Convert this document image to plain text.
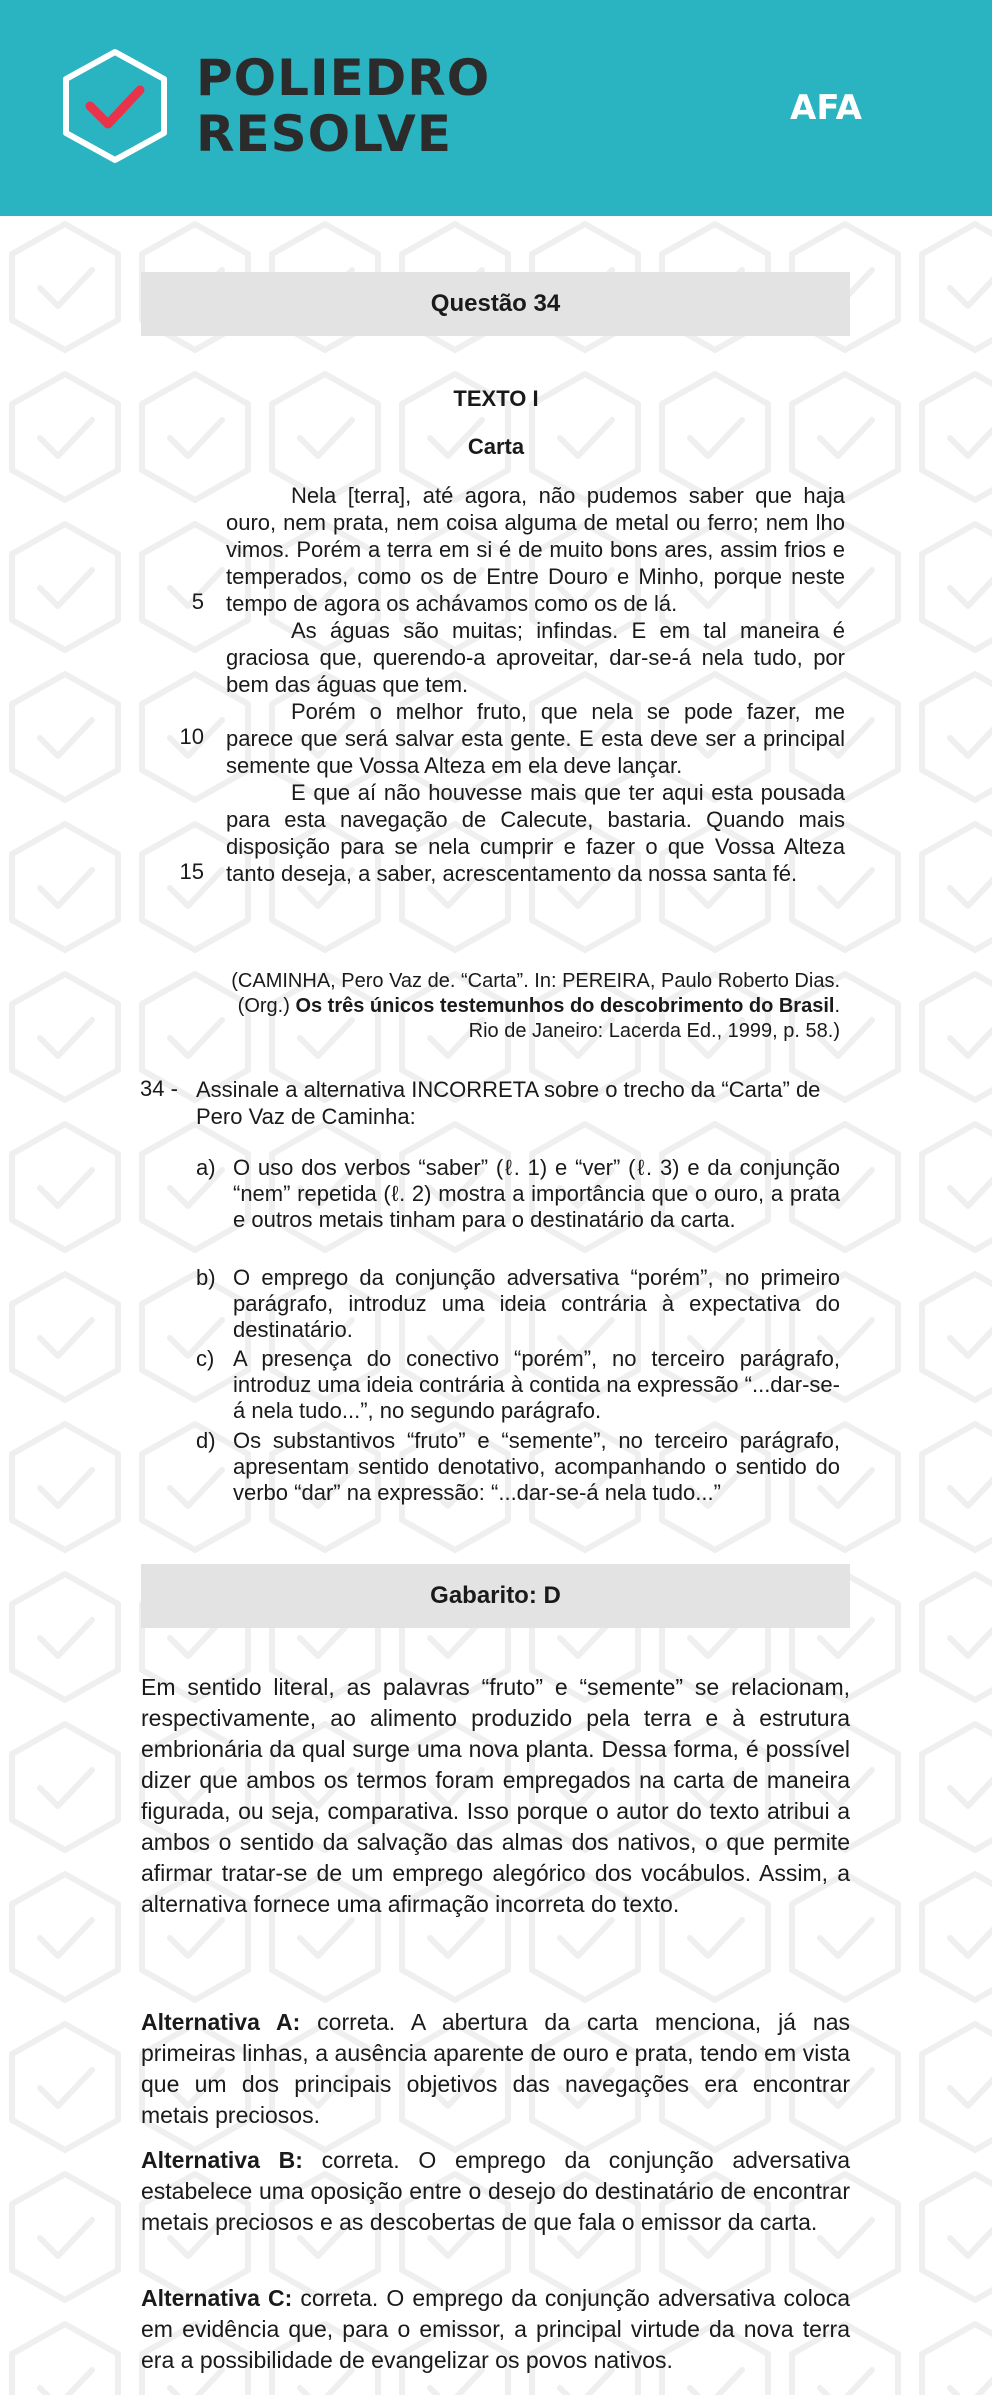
POLIEDRO
RESOLVE	AFA
Questão 34
TEXTO I
Carta

Nela [terra], até agora, não pudemos saber que haja ouro, nem prata, nem coisa alguma de metal ou ferro; nem lho vimos. Porém a terra em si é de muito bons ares, assim frios e temperados, como os de Entre Douro e Minho, porque neste tempo de agora os achávamos como os de lá.

As águas são muitas; infindas. E em tal maneira é graciosa que, querendo-a aproveitar, dar-se-á nela tudo, por bem das águas que tem.

Porém o melhor fruto, que nela se pode fazer, me parece que será salvar esta gente. E esta deve ser a principal semente que Vossa Alteza em ela deve lançar.

E que aí não houvesse mais que ter aqui esta pousada para esta navegação de Calecute, bastaria. Quando mais disposição para se nela cumprir e fazer o que Vossa Alteza tanto deseja, a saber, acrescentamento da nossa santa fé.

5
10
15
(CAMINHA, Pero Vaz de. “Carta”. In: PEREIRA, Paulo Roberto Dias.
(Org.) Os três únicos testemunhos do descobrimento do Brasil.
Rio de Janeiro: Lacerda Ed., 1999, p. 58.)
34 - Assinale a alternativa INCORRETA sobre o trecho da “Carta” de Pero Vaz de Caminha:
a) O uso dos verbos “saber” (ℓ. 1) e “ver” (ℓ. 3) e da conjunção “nem” repetida (ℓ. 2) mostra a importância que o ouro, a prata e outros metais tinham para o destinatário da carta.
b) O emprego da conjunção adversativa “porém”, no primeiro parágrafo, introduz uma ideia contrária à expectativa do destinatário.
c) A presença do conectivo “porém”, no terceiro parágrafo, introduz uma ideia contrária à contida na expressão “...dar-se-á nela tudo...”, no segundo parágrafo.
d) Os substantivos “fruto” e “semente”, no terceiro parágrafo, apresentam sentido denotativo, acompanhando o sentido do verbo “dar” na expressão: “...dar-se-á nela tudo...”
Gabarito: D
Em sentido literal, as palavras “fruto” e “semente” se relacionam, respectivamente, ao alimento produzido pela terra e à estrutura embrionária da qual surge uma nova planta. Dessa forma, é possível dizer que ambos os termos foram empregados na carta de maneira figurada, ou seja, comparativa. Isso porque o autor do texto atribui a ambos o sentido da salvação das almas dos nativos, o que permite afirmar tratar-se de um emprego alegórico dos vocábulos. Assim, a alternativa fornece uma afirmação incorreta do texto.
Alternativa A: correta. A abertura da carta menciona, já nas primeiras linhas, a ausência aparente de ouro e prata, tendo em vista que um dos principais objetivos das navegações era encontrar metais preciosos.
Alternativa B: correta. O emprego da conjunção adversativa estabelece uma oposição entre o desejo do destinatário de encontrar metais preciosos e as descobertas de que fala o emissor da carta.
Alternativa C: correta. O emprego da conjunção adversativa coloca em evidência que, para o emissor, a principal virtude da nova terra era a possibilidade de evangelizar os povos nativos.
